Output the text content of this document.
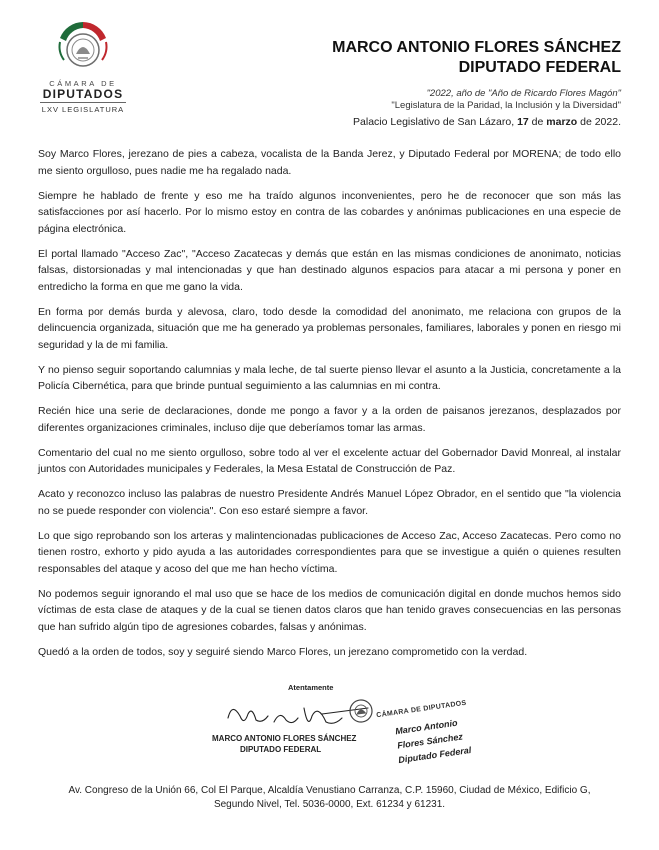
CÁMARA DE
DIPUTADOS
LXV LEGISLATURA
MARCO ANTONIO FLORES SÁNCHEZ
DIPUTADO FEDERAL
"2022, año de "Año de Ricardo Flores Magón"
"Legislatura de la Paridad, la Inclusión y la Diversidad"
Palacio Legislativo de San Lázaro, 17 de marzo de 2022.

Soy Marco Flores, jerezano de pies a cabeza, vocalista de la Banda Jerez, y Diputado Federal por MORENA; de todo ello me siento orgulloso, pues nadie me ha regalado nada.

Siempre he hablado de frente y eso me ha traído algunos inconvenientes, pero he de reconocer que son más las satisfacciones por así hacerlo. Por lo mismo estoy en contra de las cobardes y anónimas publicaciones en una especie de página electrónica.

El portal llamado "Acceso Zac", "Acceso Zacatecas y demás que están en las mismas condiciones de anonimato, noticias falsas, distorsionadas y mal intencionadas y que han destinado algunos espacios para atacar a mi persona y poner en entredicho la forma en que me gano la vida.

En forma por demás burda y alevosa, claro, todo desde la comodidad del anonimato, me relaciona con grupos de la delincuencia organizada, situación que me ha generado ya problemas personales, familiares, laborales y ponen en riesgo mi seguridad y la de mi familia.

Y no pienso seguir soportando calumnias y mala leche, de tal suerte pienso llevar el asunto a la Justicia, concretamente a la Policía Cibernética, para que brinde puntual seguimiento a las calumnias en mi contra.

Recién hice una serie de declaraciones, donde me pongo a favor y a la orden de paisanos jerezanos, desplazados por diferentes organizaciones criminales, incluso dije que deberíamos tomar las armas.

Comentario del cual no me siento orgulloso, sobre todo al ver el excelente actuar del Gobernador David Monreal, al instalar juntos con Autoridades municipales y Federales, la Mesa Estatal de Construcción de Paz.

Acato y reconozco incluso las palabras de nuestro Presidente Andrés Manuel López Obrador, en el sentido que "la violencia no se puede responder con violencia". Con eso estaré siempre a favor.

Lo que sigo reprobando son los arteras y malintencionadas publicaciones de Acceso Zac, Acceso Zacatecas. Pero como no tienen rostro, exhorto y pido ayuda a las autoridades correspondientes para que se investigue a quién o quienes resulten responsables del ataque y acoso del que me han hecho víctima.

No podemos seguir ignorando el mal uso que se hace de los medios de comunicación digital en donde muchos hemos sido víctimas de esta clase de ataques y de la cual se tienen datos claros que han tenido graves consecuencias en las personas que han sufrido algún tipo de agresiones cobardes, falsas y anónimas.

Quedó a la orden de todos, soy y seguiré siendo Marco Flores, un jerezano comprometido con la verdad.

Atentamente
MARCO ANTONIO FLORES SÁNCHEZ
DIPUTADO FEDERAL
CÁMARA DE DIPUTADOS
Marco Antonio
Flores Sánchez
Diputado Federal
Av. Congreso de la Unión 66, Col El Parque, Alcaldía Venustiano Carranza, C.P. 15960, Ciudad de México, Edificio G,
Segundo Nivel, Tel. 5036-0000, Ext. 61234 y 61231.
